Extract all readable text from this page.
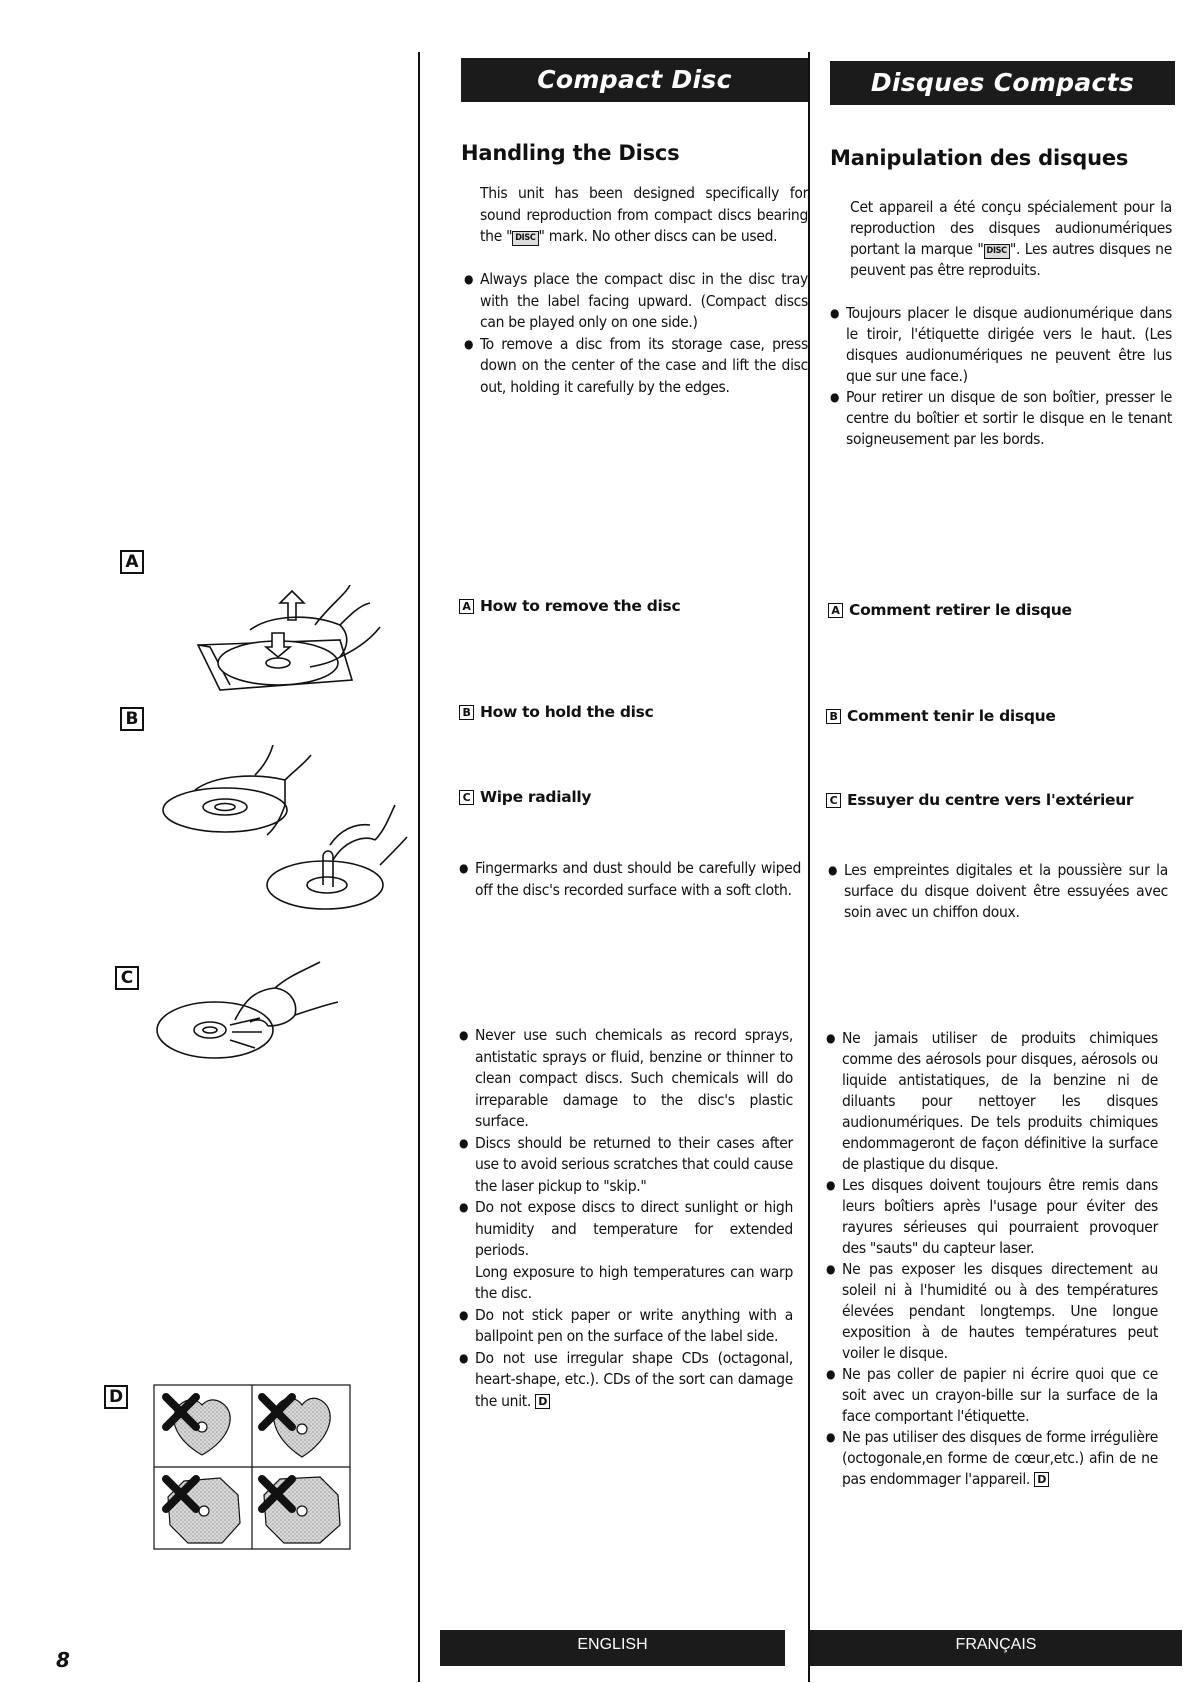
Compact Disc	Disques Compacts
Handling the Discs
This unit has been designed specifically for sound reproduction from compact discs bearing the " DISC " mark. No other discs can be used.
● Always place the compact disc in the disc tray with the label facing upward. (Compact discs can be played only on one side.)
● To remove a disc from its storage case, press down on the center of the case and lift the disc out, holding it carefully by the edges.
A How to remove the disc
B How to hold the disc
C Wipe radially
● Fingermarks and dust should be carefully wiped off the disc's recorded surface with a soft cloth.
● Never use such chemicals as record sprays, antistatic sprays or fluid, benzine or thinner to clean compact discs. Such chemicals will do irreparable damage to the disc's plastic surface.
● Discs should be returned to their cases after use to avoid serious scratches that could cause the laser pickup to "skip."
● Do not expose discs to direct sunlight or high humidity and temperature for extended periods.
Long exposure to high temperatures can warp the disc.
● Do not stick paper or write anything with a ballpoint pen on the surface of the label side.
● Do not use irregular shape CDs (octagonal, heart-shape, etc.). CDs of the sort can damage the unit. D
Manipulation des disques
Cet appareil a été conçu spécialement pour la reproduction des disques audionumériques portant la marque " DISC ". Les autres disques ne peuvent pas être reproduits.
● Toujours placer le disque audionumérique dans le tiroir, l'étiquette dirigée vers le haut. (Les disques audionumériques ne peuvent être lus que sur une face.)
● Pour retirer un disque de son boîtier, presser le centre du boîtier et sortir le disque en le tenant soigneusement par les bords.
A Comment retirer le disque
B Comment tenir le disque
C Essuyer du centre vers l'extérieur
● Les empreintes digitales et la poussière sur la surface du disque doivent être essuyées avec soin avec un chiffon doux.
● Ne jamais utiliser de produits chimiques comme des aérosols pour disques, aérosols ou liquide antistatiques, de la benzine ni de diluants pour nettoyer les disques audionumériques. De tels produits chimiques endommageront de façon définitive la surface de plastique du disque.
● Les disques doivent toujours être remis dans leurs boîtiers après l'usage pour éviter des rayures sérieuses qui pourraient provoquer des "sauts" du capteur laser.
● Ne pas exposer les disques directement au soleil ni à l'humidité ou à des températures élevées pendant longtemps. Une longue exposition à de hautes températures peut voiler le disque.
● Ne pas coller de papier ni écrire quoi que ce soit avec un crayon-bille sur la surface de la face comportant l'étiquette.
● Ne pas utiliser des disques de forme irrégulière (octogonale,en forme de cœur,etc.) afin de ne pas endommager l'appareil. D
ENGLISH	FRANÇAIS
8
A
B
C
D
